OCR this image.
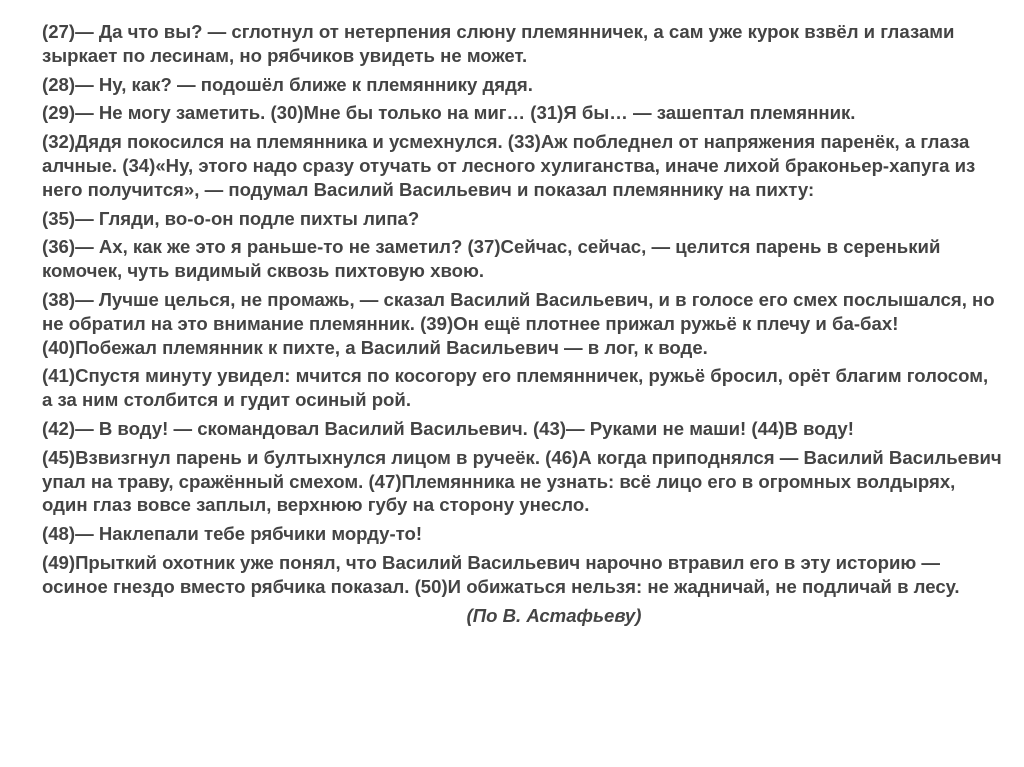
(27)— Да что вы? — сглотнул от нетерпения слюну племянничек, а сам уже курок взвёл и глазами зыркает по лесинам, но рябчиков увидеть не может.

(28)— Ну, как? — подошёл ближе к племяннику дядя.

(29)— Не могу заметить. (30)Мне бы только на миг… (31)Я бы… — зашептал племянник.

(32)Дядя покосился на племянника и усмехнулся. (33)Аж побледнел от напряжения паренёк, а глаза алчные. (34)«Ну, этого надо сразу отучать от лесного хулиганства, иначе лихой браконьер-хапуга из него получится», — подумал Василий Васильевич и показал племяннику на пихту:

(35)— Гляди, во-о-он подле пихты липа?

(36)— Ах, как же это я раньше-то не заметил? (37)Сейчас, сейчас, — целится парень в серенький комочек, чуть видимый сквозь пихтовую хвою.

(38)— Лучше целься, не промажь, — сказал Василий Васильевич, и в голосе его смех послышался, но не обратил на это внимание племянник. (39)Он ещё плотнее прижал ружьё к плечу и ба-бах! (40)Побежал племянник к пихте, а Василий Васильевич — в лог, к воде.

(41)Спустя минуту увидел: мчится по косогору его племянничек, ружьё бросил, орёт благим голосом, а за ним столбится и гудит осиный рой.

(42)— В воду! — скомандовал Василий Васильевич. (43)— Руками не маши! (44)В воду!

(45)Взвизгнул парень и бултыхнулся лицом в ручеёк. (46)А когда приподнялся — Василий Васильевич упал на траву, сражённый смехом. (47)Племянника не узнать: всё лицо его в огромных волдырях, один глаз вовсе заплыл, верхнюю губу на сторону унесло.

(48)— Наклепали тебе рябчики морду-то!

(49)Прыткий охотник уже понял, что Василий Васильевич нарочно втравил его в эту историю — осиное гнездо вместо рябчика показал. (50)И обижаться нельзя: не жадничай, не подличай в лесу.

(По В. Астафьеву)
